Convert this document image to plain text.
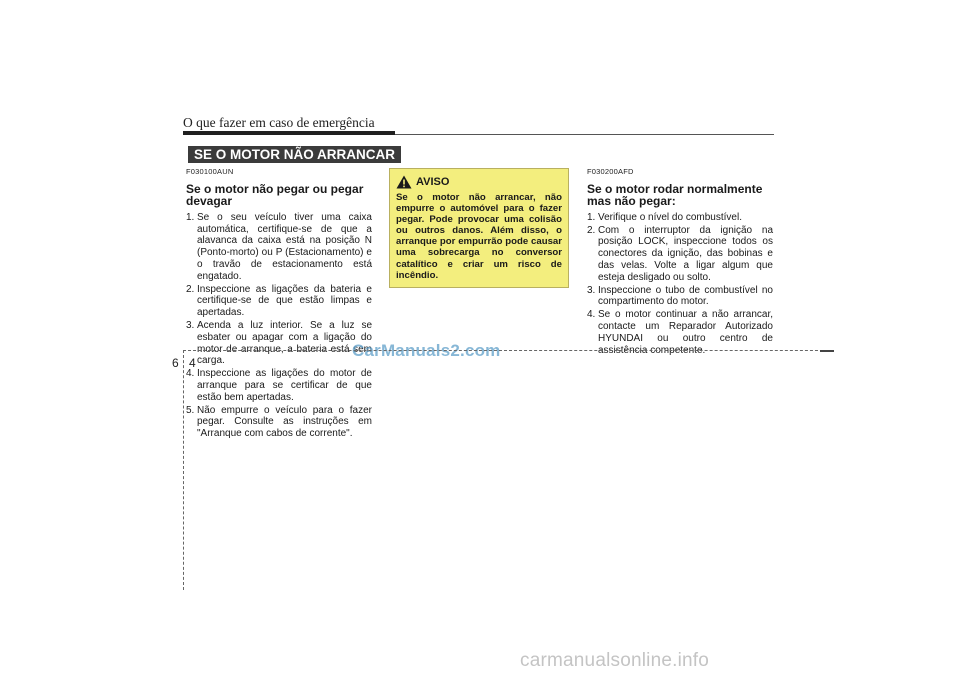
O que fazer em caso de emergência
SE O MOTOR NÃO ARRANCAR
F030100AUN
Se o motor não pegar ou pegar devagar
1. Se o seu veículo tiver uma caixa automática, certifique-se de que a alavanca da caixa está na posição N (Ponto-morto) ou P (Estacionamento) e o travão de estacionamento está engatado.
2. Inspeccione as ligações da bateria e certifique-se de que estão limpas e apertadas.
3. Acenda a luz interior. Se a luz se esbater ou apagar com a ligação do motor de arranque, a bateria está sem carga.
4. Inspeccione as ligações do motor de arranque para se certificar de que estão bem apertadas.
5. Não empurre o veículo para o fazer pegar. Consulte as instruções em "Arranque com cabos de corrente".
AVISO
Se o motor não arrancar, não empurre o automóvel para o fazer pegar. Pode provocar uma colisão ou outros danos. Além disso, o arranque por empurrão pode causar uma sobrecarga no conversor catalítico e criar um risco de incêndio.
F030200AFD
Se o motor rodar normalmente mas não pegar:
1. Verifique o nível do combustível.
2. Com o interruptor da ignição na posição LOCK, inspeccione todos os conectores da ignição, das bobinas e das velas. Volte a ligar algum que esteja desligado ou solto.
3. Inspeccione o tubo de combustível no compartimento do motor.
4. Se o motor continuar a não arrancar, contacte um Reparador Autorizado HYUNDAI ou outro centro de assistência competente.
CarManuals2.com
6 4
carmanualsonline.info
